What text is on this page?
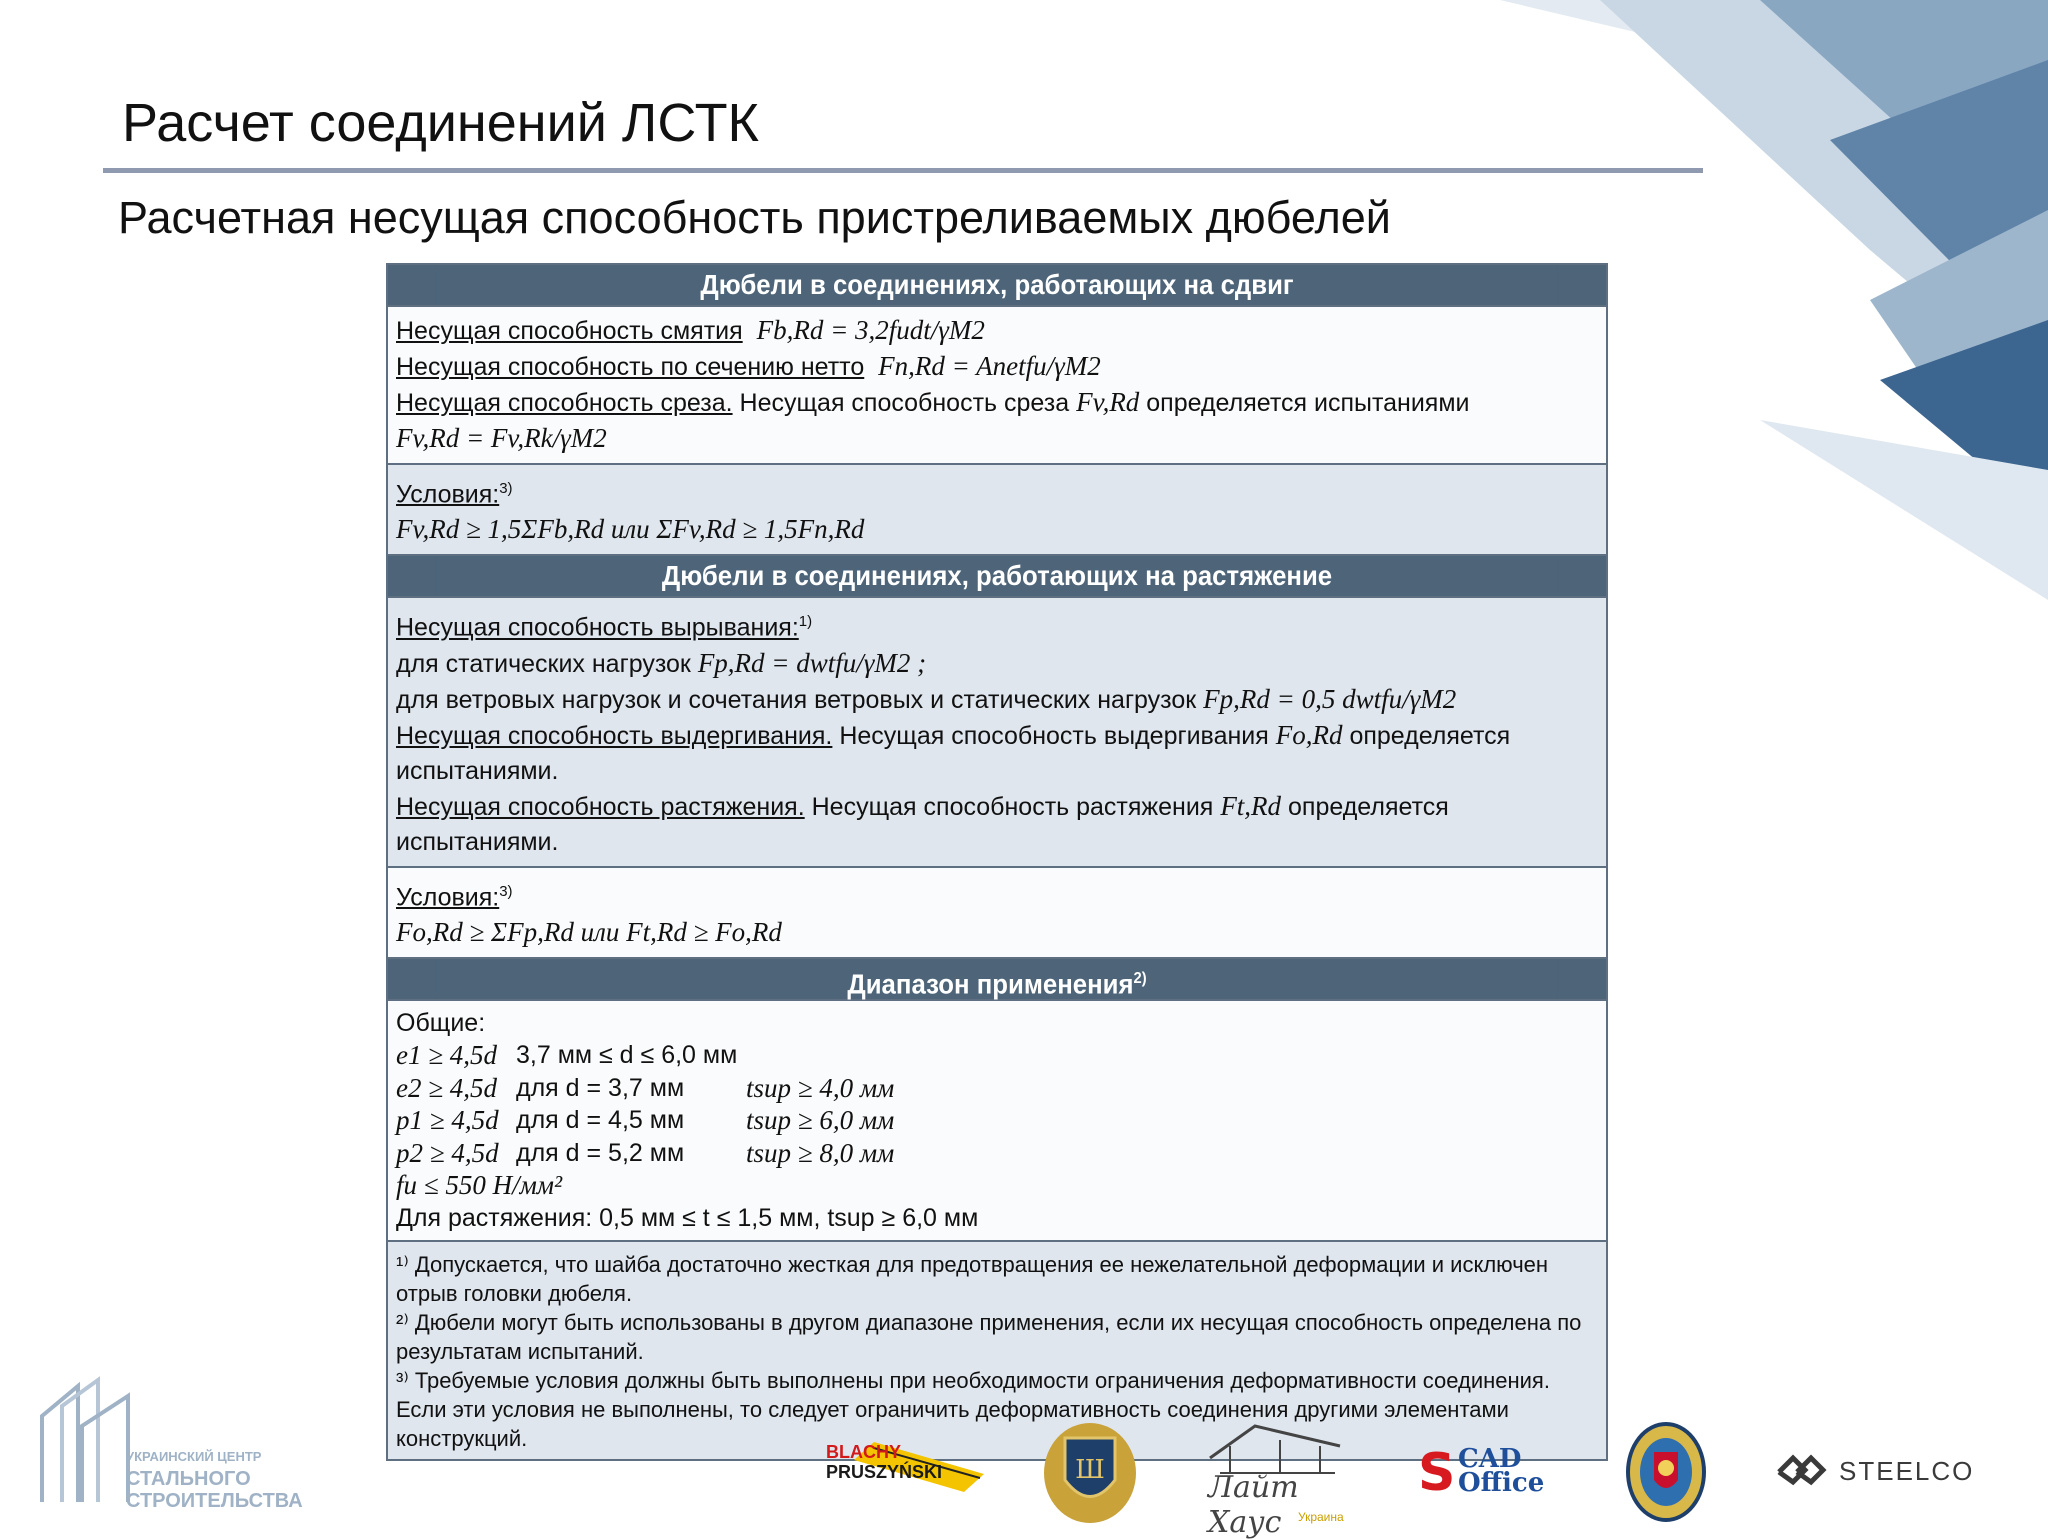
Расчет соединений ЛСТК
Расчетная несущая способность пристреливаемых дюбелей
Дюбели в соединениях, работающих на сдвиг
Несущая способность смятия Fb,Rd = 3,2fudt/γM2
Несущая способность по сечению нетто Fn,Rd = Anetfu/γM2
Несущая способность среза. Несущая способность среза Fv,Rd определяется испытаниями
Fv,Rd = Fv,Rk/γM2
Условия:$^{3)}$
Fv,Rd ≥ 1,5ΣFb,Rd или ΣFv,Rd ≥ 1,5Fn,Rd
Дюбели в соединениях, работающих на растяжение
Несущая способность вырывания:$^{1)}$
для статических нагрузок Fp,Rd = dwtfu/γM2 ;
для ветровых нагрузок и сочетания ветровых и статических нагрузок Fp,Rd = 0,5 dwtfu/γM2
Несущая способность выдергивания. Несущая способность выдергивания Fo,Rd определяется
испытаниями.
Несущая способность растяжения. Несущая способность растяжения Ft,Rd определяется испытаниями.
Условия:$^{3)}$
Fo,Rd ≥ ΣFp,Rd или Ft,Rd ≥ Fo,Rd
Диапазон применения$^{2)}$
Общие:
e1 ≥ 4,5d 3,7 мм ≤ d ≤ 6,0 мм
e2 ≥ 4,5d для d = 3,7 мм	tsup ≥ 4,0 мм
p1 ≥ 4,5d для d = 4,5 мм	tsup ≥ 6,0 мм
p2 ≥ 4,5d для d = 5,2 мм	tsup ≥ 8,0 мм
fu ≤ 550 Н/мм²
Для растяжения: 0,5 мм ≤ t ≤ 1,5 мм, tsup ≥ 6,0 мм
¹⁾ Допускается, что шайба достаточно жесткая для предотвращения ее нежелательной деформации и исключен отрыв головки дюбеля.
²⁾ Дюбели могут быть использованы в другом диапазоне применения, если их несущая способность определена по результатам испытаний.
³⁾ Требуемые условия должны быть выполнены при необходимости ограничения деформативности соединения. Если эти условия не выполнены, то следует ограничить деформативность соединения другими элементами конструкций.
УКРАИНСКИЙ ЦЕНТР
СТАЛЬНОГО
СТРОИТЕЛЬСТВА
BLACHY
PRUSZYŃSKI	Ш	Лайт Хаус	Украина
S CAD
Office	STEELCO
